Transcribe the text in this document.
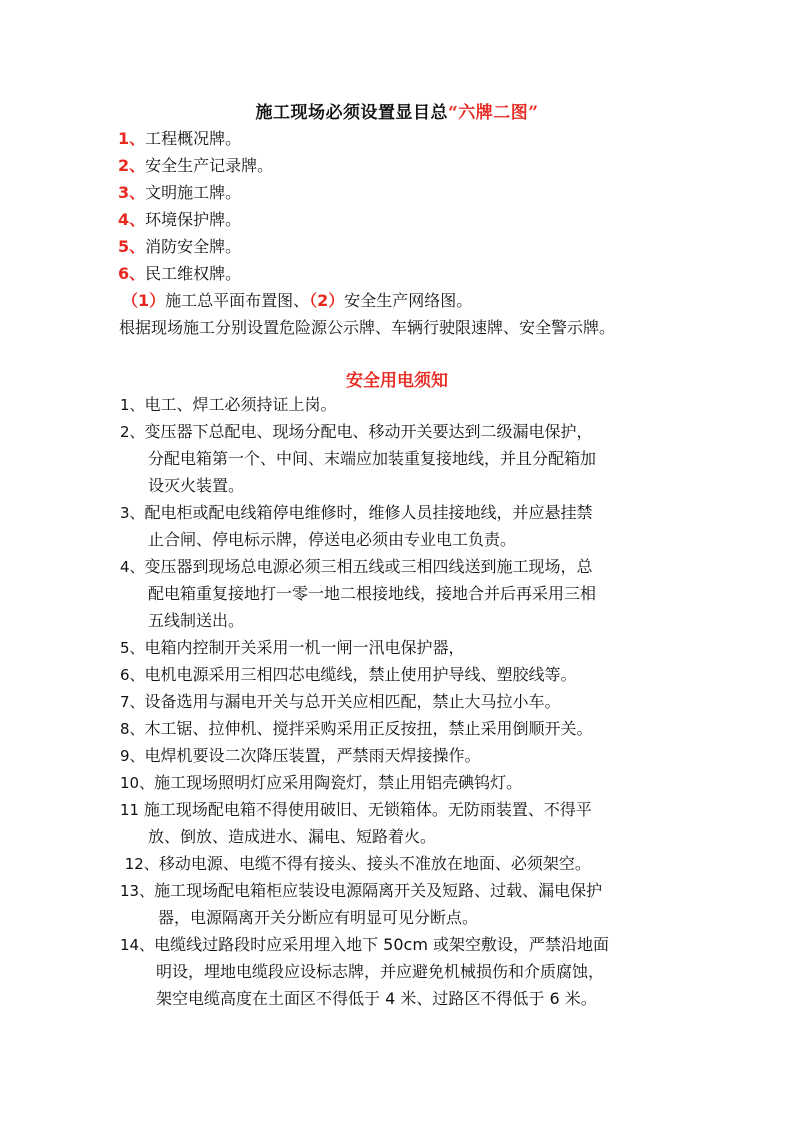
施工现场必须设置显目总“六牌二图”
1、工程概况牌。
2、安全生产记录牌。
3、文明施工牌。
4、环境保护牌。
5、消防安全牌。
6、民工维权牌。
（1）施工总平面布置图、（2）安全生产网络图。
根据现场施工分别设置危险源公示牌、车辆行驶限速牌、安全警示牌。
安全用电须知
1、电工、焊工必须持证上岗。
2、变压器下总配电、现场分配电、移动开关要达到二级漏电保护，
分配电箱第一个、中间、末端应加装重复接地线，并且分配箱加
设灭火装置。
3、配电柜或配电线箱停电维修时，维修人员挂接地线，并应悬挂禁
止合闸、停电标示牌，停送电必须由专业电工负责。
4、变压器到现场总电源必须三相五线或三相四线送到施工现场，总
配电箱重复接地打一零一地二根接地线，接地合并后再采用三相
五线制送出。
5、电箱内控制开关采用一机一闸一汛电保护器，
6、电机电源采用三相四芯电缆线，禁止使用护导线、塑胶线等。
7、设备选用与漏电开关与总开关应相匹配，禁止大马拉小车。
8、木工锯、拉伸机、搅拌采购采用正反按扭，禁止采用倒顺开关。
9、电焊机要设二次降压装置，严禁雨天焊接操作。
10、施工现场照明灯应采用陶瓷灯，禁止用铝壳碘钨灯。
11 施工现场配电箱不得使用破旧、无锁箱体。无防雨装置、不得平
放、倒放、造成进水、漏电、短路着火。
12、移动电源、电缆不得有接头、接头不准放在地面、必须架空。
13、施工现场配电箱柜应装设电源隔离开关及短路、过载、漏电保护
器，电源隔离开关分断应有明显可见分断点。
14、电缆线过路段时应采用埋入地下 50cm 或架空敷设，严禁沿地面
明设，埋地电缆段应设标志牌，并应避免机械损伤和介质腐蚀，
架空电缆高度在土面区不得低于 4 米、过路区不得低于 6 米。
